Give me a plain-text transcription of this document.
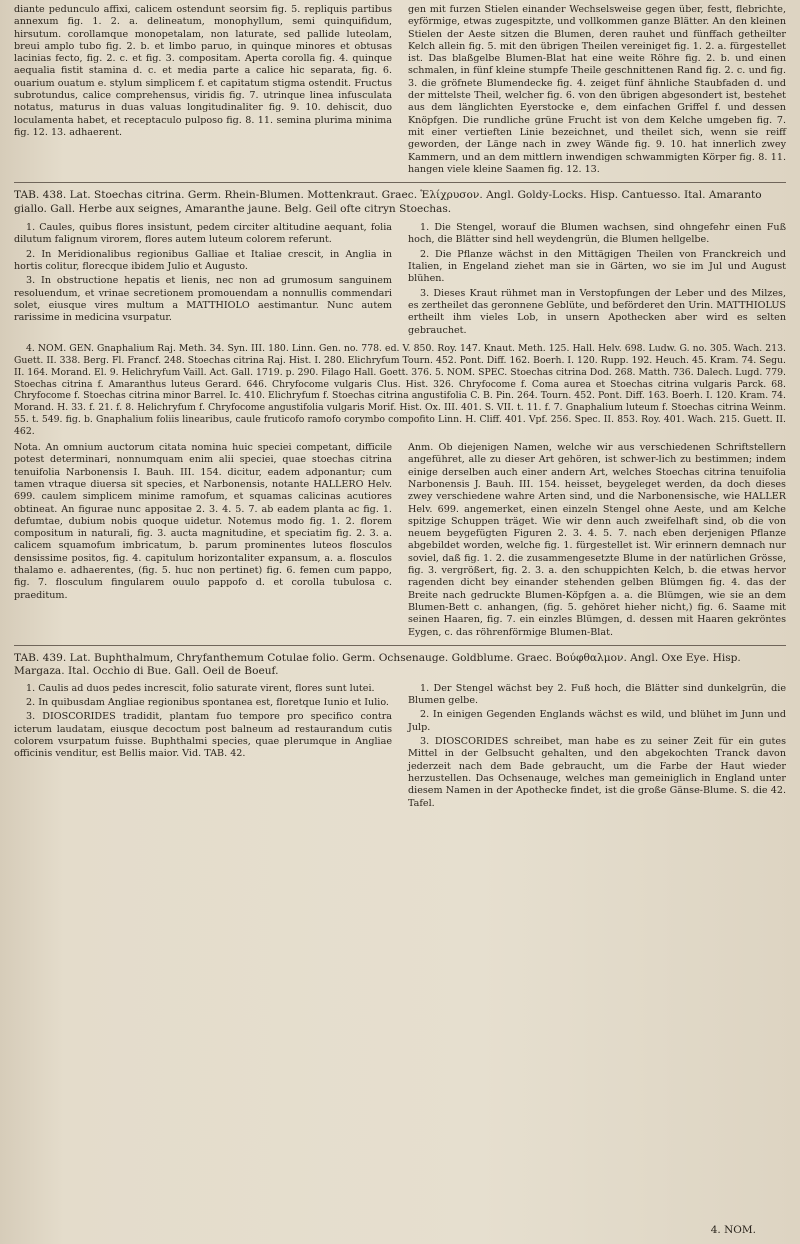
diante pedunculo affixi, calicem ostendunt seorsim fig. 5. repliquis partibus annexum fig. 1. 2. a. delineatum, monophyllum, semi quinquifidum, hirsutum. corollamque monopetalam, non laturate, sed pallide luteolam, breui amplo tubo fig. 2. b. et limbo paruo, in quinque minores et obtusas lacinias fecto, fig. 2. c. et fig. 3. compositam. Aperta corolla fig. 4. quinque aequalia fistit stamina d. c. et media parte a calice hic separata, fig. 6. ouarium ouatum e. stylum simplicem f. et capitatum stigma ostendit. Fructus subrotundus, calice comprehensus, viridis fig. 7. utrinque linea infusculata notatus, maturus in duas valuas longitudinaliter fig. 9. 10. dehiscit, duo loculamenta habet, et receptaculo pulposo fig. 8. 11. semina plurima minima fig. 12. 13. adhaerent.
gen mit furzen Stielen einander Wechselsweise gegen über, festt, flebrichte, eyförmige, etwas zugespitzte, und vollkommen ganze Blätter. An den kleinen Stielen der Aeste sitzen die Blumen, deren rauhet und fünffach getheilter Kelch allein fig. 5. mit den übrigen Theilen vereiniget fig. 1. 2. a. fürgestellet ist. Das blaßgelbe Blumen-Blat hat eine weite Röhre fig. 2. b. und einen schmalen, in fünf kleine stumpfe Theile geschnittenen Rand fig. 2. c. und fig. 3. die gröfnete Blumendecke fig. 4. zeiget fünf ähnliche Staubfaden d. und der mittelste Theil, welcher fig. 6. von den übrigen abgesondert ist, bestehet aus dem länglichten Eyerstocke e, dem einfachen Griffel f. und dessen Knöpfgen. Die rundliche grüne Frucht ist von dem Kelche umgeben fig. 7. mit einer vertieften Linie bezeichnet, und theilet sich, wenn sie reiff geworden, der Länge nach in zwey Wände fig. 9. 10. hat innerlich zwey Kammern, und an dem mittlern inwendigen schwammigten Körper fig. 8. 11. hangen viele kleine Saamen fig. 12. 13.
TAB. 438. Lat. Stoechas citrina. Germ. Rhein-Blumen. Mottenkraut. Graec. Ἑλίχρυσον. Angl. Goldy-Locks. Hisp. Cantuesso. Ital. Amaranto giallo. Gall. Herbe aux seignes, Amaranthe jaune. Belg. Geil ofte citryn Stoechas.

1. Caules, quibus flores insistunt, pedem circiter altitudine aequant, folia dilutum falignum virorem, flores autem luteum colorem referunt.

2. In Meridionalibus regionibus Galliae et Italiae crescit, in Anglia in hortis colitur, florecque ibidem Julio et Augusto.

3. In obstructione hepatis et lienis, nec non ad grumosum sanguinem resoluendum, et vrinae secretionem promouendam a nonnullis commendari solet, eiusque vires multum a MATTHIOLO aestimantur. Nunc autem rarissime in medicina vsurpatur.

1. Die Stengel, worauf die Blumen wachsen, sind ohngefehr einen Fuß hoch, die Blätter sind hell weydengrün, die Blumen hellgelbe.

2. Die Pflanze wächst in den Mittägigen Theilen von Franckreich und Italien, in Engeland ziehet man sie in Gärten, wo sie im Jul und August blühen.

3. Dieses Kraut rühmet man in Verstopfungen der Leber und des Milzes, es zertheilet das geronnene Geblüte, und beförderet den Urin. MATTHIOLUS ertheilt ihm vieles Lob, in unsern Apothecken aber wird es selten gebrauchet.

4. NOM. GEN. Gnaphalium Raj. Meth. 34. Syn. III. 180. Linn. Gen. no. 778. ed. V. 850. Roy. 147. Knaut. Meth. 125. Hall. Helv. 698. Ludw. G. no. 305. Wach. 213. Guett. II. 338. Berg. Fl. Francf. 248. Stoechas citrina Raj. Hist. I. 280. Elichryfum Tourn. 452. Pont. Diff. 162. Boerh. I. 120. Rupp. 192. Heuch. 45. Kram. 74. Segu. II. 164. Morand. El. 9. Helichryfum Vaill. Act. Gall. 1719. p. 290. Filago Hall. Goett. 376. 5. NOM. SPEC. Stoechas citrina Dod. 268. Matth. 736. Dalech. Lugd. 779. Stoechas citrina f. Amaranthus luteus Gerard. 646. Chryfocome vulgaris Clus. Hist. 326. Chryfocome f. Coma aurea et Stoechas citrina vulgaris Parck. 68. Chryfocome f. Stoechas citrina minor Barrel. Ic. 410. Elichryfum f. Stoechas citrina angustifolia C. B. Pin. 264. Tourn. 452. Pont. Diff. 163. Boerh. I. 120. Kram. 74. Morand. H. 33. f. 21. f. 8. Helichryfum f. Chryfocome angustifolia vulgaris Morif. Hist. Ox. III. 401. S. VII. t. 11. f. 7. Gnaphalium luteum f. Stoechas citrina Weinm. 55. t. 549. fig. b. Gnaphalium foliis linearibus, caule fruticofo ramofo corymbo compofito Linn. H. Cliff. 401. Vpf. 256. Spec. II. 853. Roy. 401. Wach. 215. Guett. II. 462.
Nota. An omnium auctorum citata nomina huic speciei competant, difficile potest determinari, nonnumquam enim alii speciei, quae stoechas citrina tenuifolia Narbonensis I. Bauh. III. 154. dicitur, eadem adponantur; cum tamen vtraque diuersa sit species, et Narbonensis, notante HALLERO Helv. 699. caulem simplicem minime ramofum, et squamas calicinas acutiores obtineat. An figurae nunc appositae 2. 3. 4. 5. 7. ab eadem planta ac fig. 1. defumtae, dubium nobis quoque uidetur. Notemus modo fig. 1. 2. florem compositum in naturali, fig. 3. aucta magnitudine, et speciatim fig. 2. 3. a. calicem squamofum imbricatum, b. parum prominentes luteos flosculos densissime positos, fig. 4. capitulum horizontaliter expansum, a. a. flosculos thalamo e. adhaerentes, (fig. 5. huc non pertinet) fig. 6. femen cum pappo, fig. 7. flosculum fingularem ouulo pappofo d. et corolla tubulosa c. praeditum.
Anm. Ob diejenigen Namen, welche wir aus verschiedenen Schriftstellern angeführet, alle zu dieser Art gehören, ist schwer-lich zu bestimmen; indem einige derselben auch einer andern Art, welches Stoechas citrina tenuifolia Narbonensis J. Bauh. III. 154. heisset, beygeleget werden, da doch dieses zwey verschiedene wahre Arten sind, und die Narbonensische, wie HALLER Helv. 699. angemerket, einen einzeln Stengel ohne Aeste, und am Kelche spitzige Schuppen träget. Wie wir denn auch zweifelhaft sind, ob die von neuem beygefügten Figuren 2. 3. 4. 5. 7. nach eben derjenigen Pflanze abgebildet worden, welche fig. 1. fürgestellet ist. Wir erinnern demnach nur soviel, daß fig. 1. 2. die zusammengesetzte Blume in der natürlichen Grösse, fig. 3. vergrößert, fig. 2. 3. a. den schuppichten Kelch, b. die etwas hervor ragenden dicht bey einander stehenden gelben Blümgen fig. 4. das der Breite nach gedruckte Blumen-Köpfgen a. a. die Blümgen, wie sie an dem Blumen-Bett c. anhangen, (fig. 5. gehöret hieher nicht,) fig. 6. Saame mit seinen Haaren, fig. 7. ein einzles Blümgen, d. dessen mit Haaren gekröntes Eygen, c. das röhrenförmige Blumen-Blat.
TAB. 439. Lat. Buphthalmum, Chryfanthemum Cotulae folio. Germ. Ochsenauge. Goldblume. Graec. Βούφθαλμον. Angl. Oxe Eye. Hisp. Margaza. Ital. Occhio di Bue. Gall. Oeil de Boeuf.

1. Caulis ad duos pedes increscit, folio saturate virent, flores sunt lutei.

2. In quibusdam Angliae regionibus spontanea est, floretque Iunio et Iulio.

3. DIOSCORIDES tradidit, plantam fuo tempore pro specifico contra icterum laudatam, eiusque decoctum post balneum ad restaurandum cutis colorem vsurpatum fuisse. Buphthalmi species, quae plerumque in Angliae officinis venditur, est Bellis maior. Vid. TAB. 42.

1. Der Stengel wächst bey 2. Fuß hoch, die Blätter sind dunkelgrün, die Blumen gelbe.

2. In einigen Gegenden Englands wächst es wild, und blühet im Junn und Julp.

3. DIOSCORIDES schreibet, man habe es zu seiner Zeit für ein gutes Mittel in der Gelbsucht gehalten, und den abgekochten Tranck davon jederzeit nach dem Bade gebraucht, um die Farbe der Haut wieder herzustellen. Das Ochsenauge, welches man gemeiniglich in England unter diesem Namen in der Apothecke findet, ist die große Gänse-Blume. S. die 42. Tafel.

4. NOM.
